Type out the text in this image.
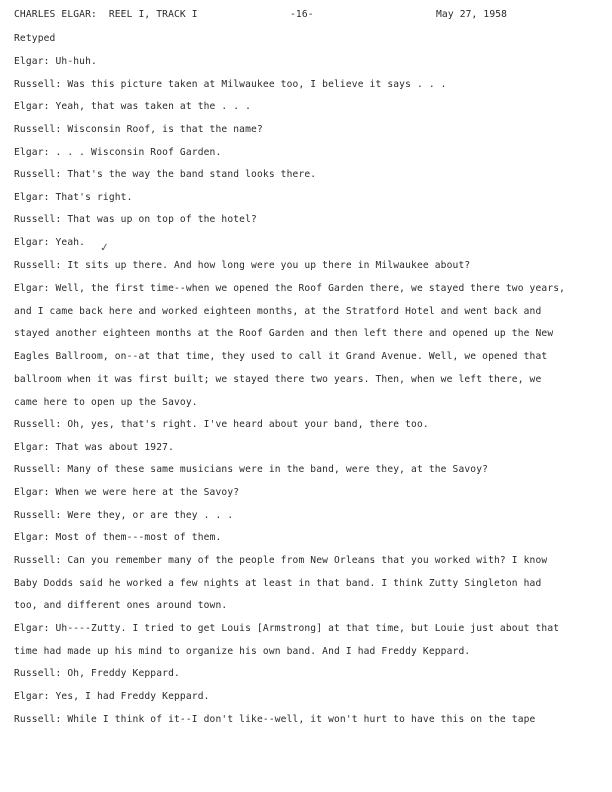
CHARLES ELGAR:  REEL I, TRACK I	-16-	May 27, 1958
Retyped
Elgar: Uh-huh.
Russell: Was this picture taken at Milwaukee too, I believe it says . . .
Elgar: Yeah, that was taken at the . . .
Russell: Wisconsin Roof, is that the name?
Elgar: . . . Wisconsin Roof Garden.
Russell: That's the way the band stand looks there.
Elgar: That's right.
Russell: That was up on top of the hotel?
Elgar: Yeah.
Russell: It sits up there. And how long were you up there in Milwaukee about?
Elgar: Well, the first time--when we opened the Roof Garden there, we stayed there two years,
and I came back here and worked eighteen months, at the Stratford Hotel and went back and
stayed another eighteen months at the Roof Garden and then left there and opened up the New
Eagles Ballroom, on--at that time, they used to call it Grand Avenue. Well, we opened that
ballroom when it was first built; we stayed there two years. Then, when we left there, we
came here to open up the Savoy.
Russell: Oh, yes, that's right. I've heard about your band, there too.
Elgar: That was about 1927.
Russell: Many of these same musicians were in the band, were they, at the Savoy?
Elgar: When we were here at the Savoy?
Russell: Were they, or are they . . .
Elgar: Most of them---most of them.
Russell: Can you remember many of the people from New Orleans that you worked with? I know
Baby Dodds said he worked a few nights at least in that band. I think Zutty Singleton had
too, and different ones around town.
Elgar: Uh----Zutty. I tried to get Louis [Armstrong] at that time, but Louie just about that
time had made up his mind to organize his own band. And I had Freddy Keppard.
Russell: Oh, Freddy Keppard.
Elgar: Yes, I had Freddy Keppard.
Russell: While I think of it--I don't like--well, it won't hurt to have this on the tape
✓
